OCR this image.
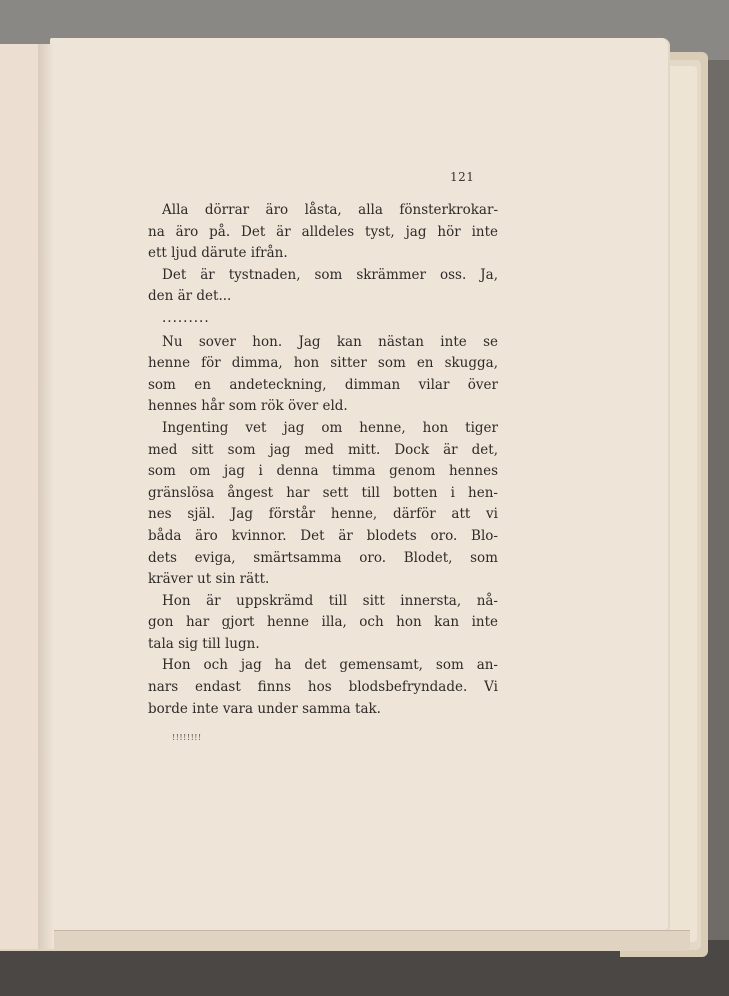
121
Alla dörrar äro låsta, alla fönsterkrokar-
na äro på. Det är alldeles tyst, jag hör inte
ett ljud därute ifrån.
Det är tystnaden, som skrämmer oss. Ja,
den är det...
.........
Nu sover hon. Jag kan nästan inte se
henne för dimma, hon sitter som en skugga,
som en andeteckning, dimman vilar över
hennes hår som rök över eld.
Ingenting vet jag om henne, hon tiger
med sitt som jag med mitt. Dock är det,
som om jag i denna timma genom hennes
gränslösa ångest har sett till botten i hen-
nes själ. Jag förstår henne, därför att vi
båda äro kvinnor. Det är blodets oro. Blo-
dets eviga, smärtsamma oro. Blodet, som
kräver ut sin rätt.
Hon är uppskrämd till sitt innersta, nå-
gon har gjort henne illa, och hon kan inte
tala sig till lugn.
Hon och jag ha det gemensamt, som an-
nars endast finns hos blodsbefryndade. Vi
borde inte vara under samma tak.
!!!!!!!!
